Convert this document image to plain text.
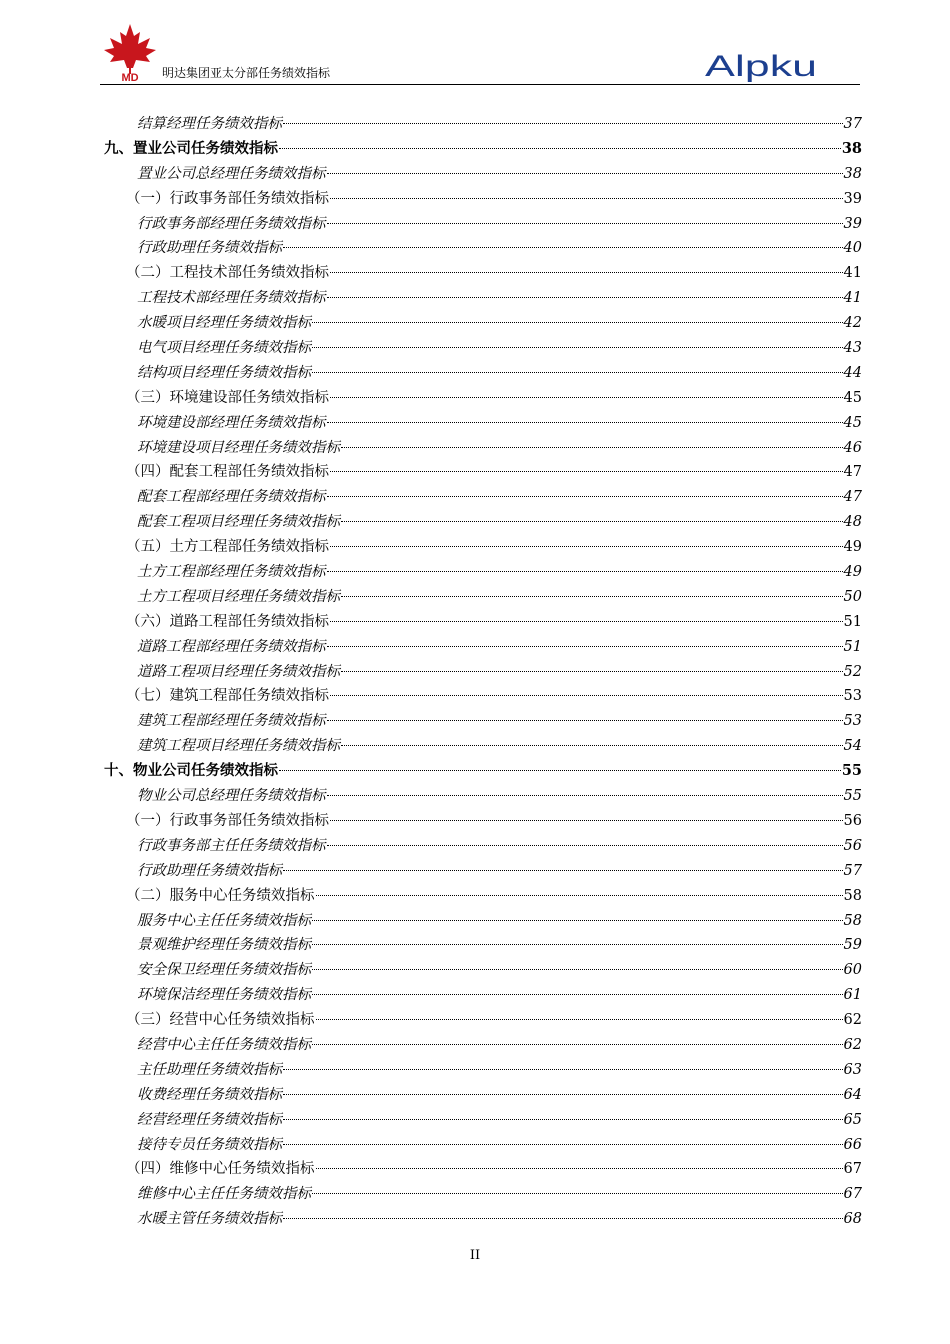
MD 明达集团亚太分部任务绩效指标	Alpku
结算经理任务绩效指标	37
九、置业公司任务绩效指标	38
置业公司总经理任务绩效指标	38
（一）行政事务部任务绩效指标	39
行政事务部经理任务绩效指标	39
行政助理任务绩效指标	40
（二）工程技术部任务绩效指标	41
工程技术部经理任务绩效指标	41
水暖项目经理任务绩效指标	42
电气项目经理任务绩效指标	43
结构项目经理任务绩效指标	44
（三）环境建设部任务绩效指标	45
环境建设部经理任务绩效指标	45
环境建设项目经理任务绩效指标	46
（四）配套工程部任务绩效指标	47
配套工程部经理任务绩效指标	47
配套工程项目经理任务绩效指标	48
（五）土方工程部任务绩效指标	49
土方工程部经理任务绩效指标	49
土方工程项目经理任务绩效指标	50
（六）道路工程部任务绩效指标	51
道路工程部经理任务绩效指标	51
道路工程项目经理任务绩效指标	52
（七）建筑工程部任务绩效指标	53
建筑工程部经理任务绩效指标	53
建筑工程项目经理任务绩效指标	54
十、物业公司任务绩效指标	55
物业公司总经理任务绩效指标	55
（一）行政事务部任务绩效指标	56
行政事务部主任任务绩效指标	56
行政助理任务绩效指标	57
（二）服务中心任务绩效指标	58
服务中心主任任务绩效指标	58
景观维护经理任务绩效指标	59
安全保卫经理任务绩效指标	60
环境保洁经理任务绩效指标	61
（三）经营中心任务绩效指标	62
经营中心主任任务绩效指标	62
主任助理任务绩效指标	63
收费经理任务绩效指标	64
经营经理任务绩效指标	65
接待专员任务绩效指标	66
（四）维修中心任务绩效指标	67
维修中心主任任务绩效指标	67
水暖主管任务绩效指标	68
II
